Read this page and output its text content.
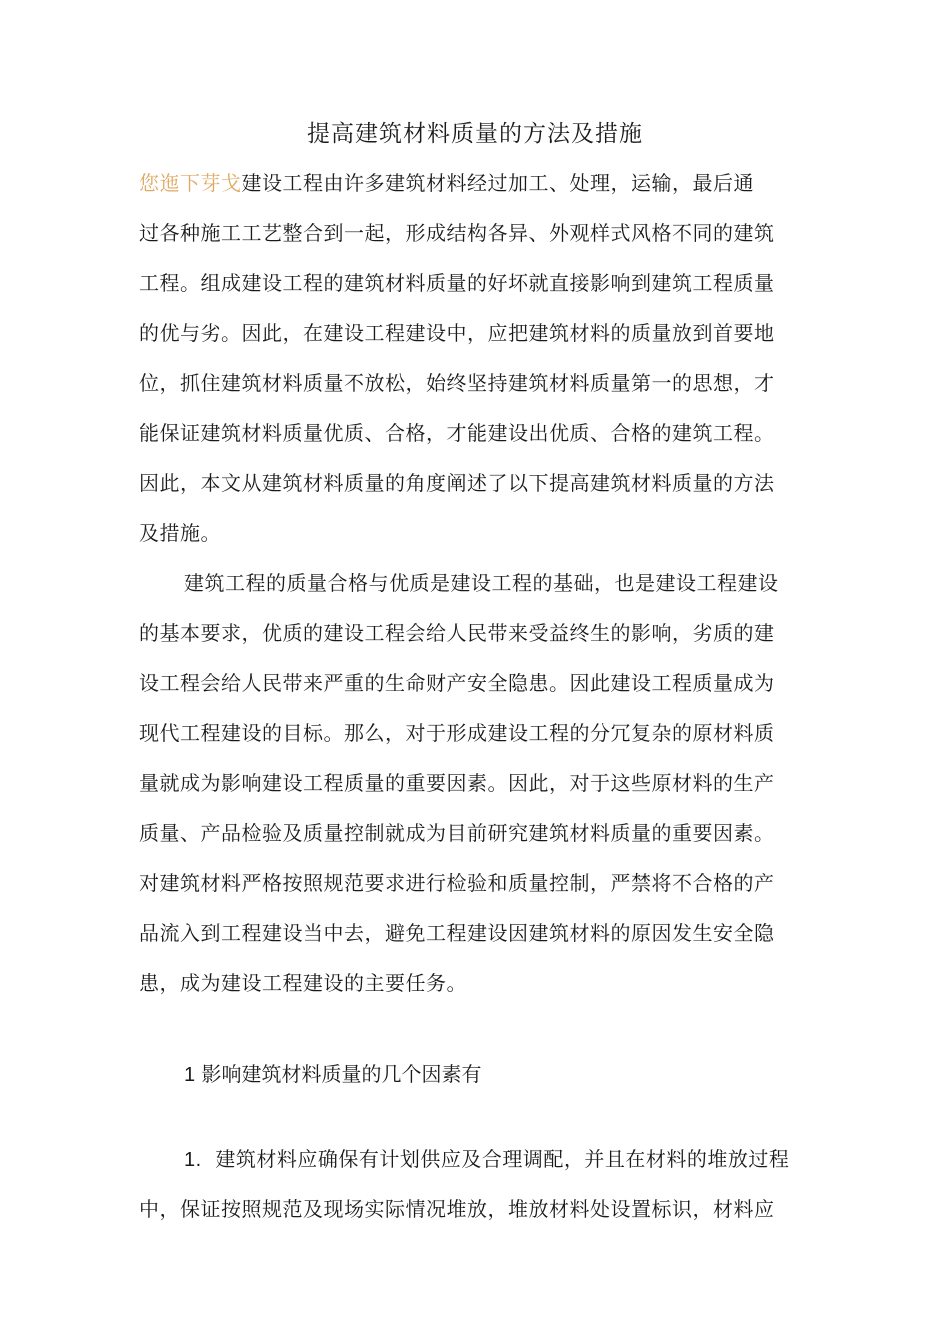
提高建筑材料质量的方法及措施
您迤下芽戈建设工程由许多建筑材料经过加工、处理，运输，最后通
过各种施工工艺整合到一起，形成结构各异、外观样式风格不同的建筑
工程。组成建设工程的建筑材料质量的好坏就直接影响到建筑工程质量
的优与劣。因此，在建设工程建设中，应把建筑材料的质量放到首要地
位，抓住建筑材料质量不放松，始终坚持建筑材料质量第一的思想，才
能保证建筑材料质量优质、合格，才能建设出优质、合格的建筑工程。
因此，本文从建筑材料质量的角度阐述了以下提高建筑材料质量的方法
及措施。
建筑工程的质量合格与优质是建设工程的基础，也是建设工程建设
的基本要求，优质的建设工程会给人民带来受益终生的影响，劣质的建
设工程会给人民带来严重的生命财产安全隐患。因此建设工程质量成为
现代工程建设的目标。那么，对于形成建设工程的分冗复杂的原材料质
量就成为影响建设工程质量的重要因素。因此，对于这些原材料的生产
质量、产品检验及质量控制就成为目前研究建筑材料质量的重要因素。
对建筑材料严格按照规范要求进行检验和质量控制，严禁将不合格的产
品流入到工程建设当中去，避免工程建设因建筑材料的原因发生安全隐
患，成为建设工程建设的主要任务。
1 影响建筑材料质量的几个因素有
1. 建筑材料应确保有计划供应及合理调配，并且在材料的堆放过程
中，保证按照规范及现场实际情况堆放，堆放材料处设置标识，材料应
